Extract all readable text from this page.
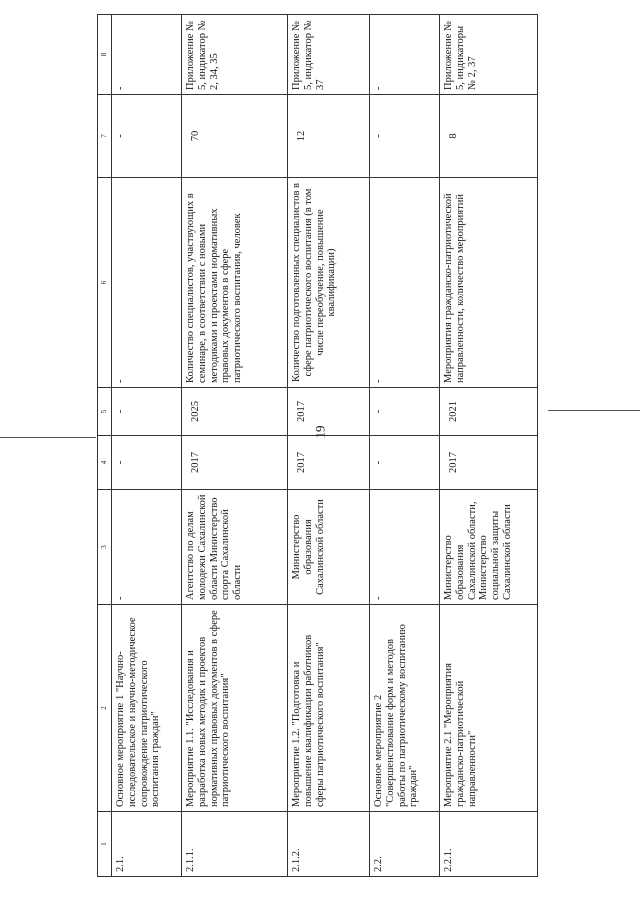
19
1	2	3	4	5	6	7	8
2.1.	Основное мероприятие 1 "Научно-исследовательское и научно-методическое сопровождение патриотического воспитания граждан"	-	-	-	-	-	-
2.1.1.	Мероприятие 1.1. "Исследования и разработка новых методик и проектов нормативных правовых документов в сфере патриотического воспитания"	Агентство по делам молодежи Сахалинской области Министерство спорта Сахалинской области	2017	2025	Количество специалистов, участвующих в семинаре, в соответствии с новыми методиками и проектами нормативных правовых документов в сфере патриотического воспитания, человек	70	Приложение № 5, индикатор № 2, 34, 35
2.1.2.	Мероприятие 1.2. "Подготовка и повышение квалификации работников сферы патриотического воспитания"	Министерство образования Сахалинской области	2017	2017	Количество подготовленных специалистов в сфере патриотического воспитания (в том числе переобучение, повышение квалификации)	12	Приложение № 5, индикатор № 37
2.2.	Основное мероприятие 2 "Совершенствование форм и методов работы по патриотическому воспитанию граждан"	-	-	-	-	-	-
2.2.1.	Мероприятие 2.1 "Мероприятия гражданско-патриотической направленности"	Министерство образования Сахалинской области, Министерство социальной защиты Сахалинской области	2017	2021	Мероприятия гражданско-патриотической направленности, количество мероприятий	8	Приложение № 5, индикаторы № 2, 37
